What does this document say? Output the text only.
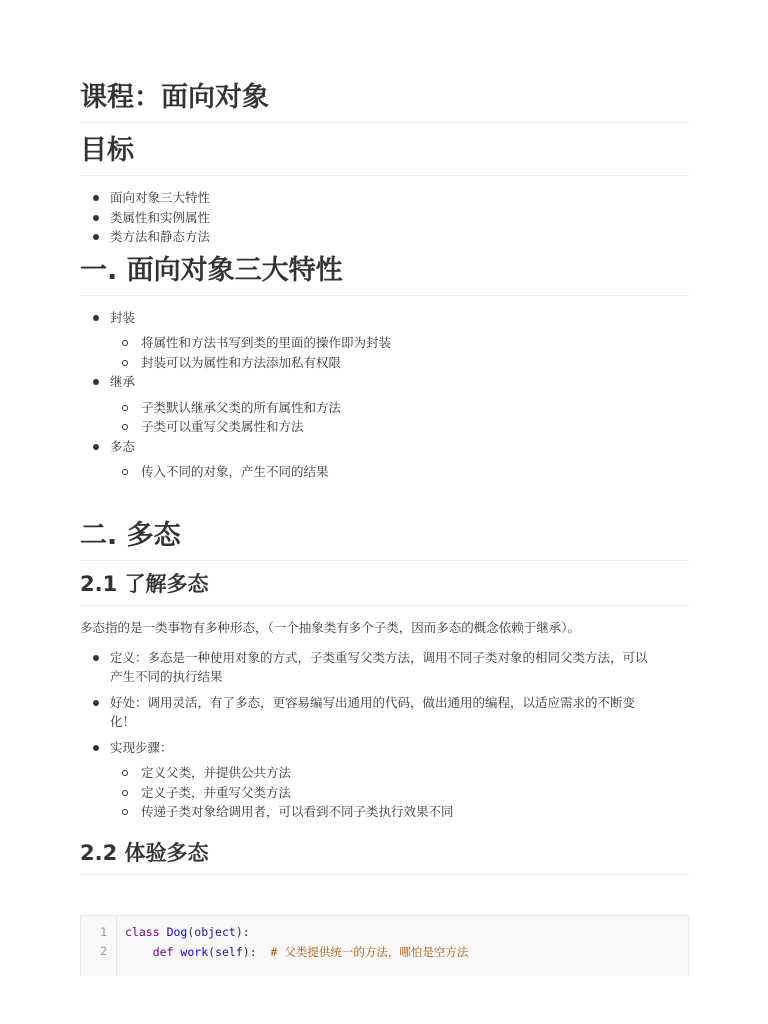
课程：面向对象
目标
面向对象三大特性
类属性和实例属性
类方法和静态方法
一. 面向对象三大特性
封装
将属性和方法书写到类的里面的操作即为封装
封装可以为属性和方法添加私有权限
继承
子类默认继承父类的所有属性和方法
子类可以重写父类属性和方法
多态
传入不同的对象，产生不同的结果
二. 多态
2.1 了解多态

多态指的是一类事物有多种形态，（一个抽象类有多个子类，因而多态的概念依赖于继承）。

定义：多态是一种使用对象的方式，子类重写父类方法，调用不同子类对象的相同父类方法，可以
产生不同的执行结果
好处：调用灵活，有了多态，更容易编写出通用的代码，做出通用的编程，以适应需求的不断变
化！
实现步骤：
定义父类，并提供公共方法
定义子类，并重写父类方法
传递子类对象给调用者，可以看到不同子类执行效果不同
2.2 体验多态
1
2
class Dog(object):
def work(self): # 父类提供统一的方法，哪怕是空方法
